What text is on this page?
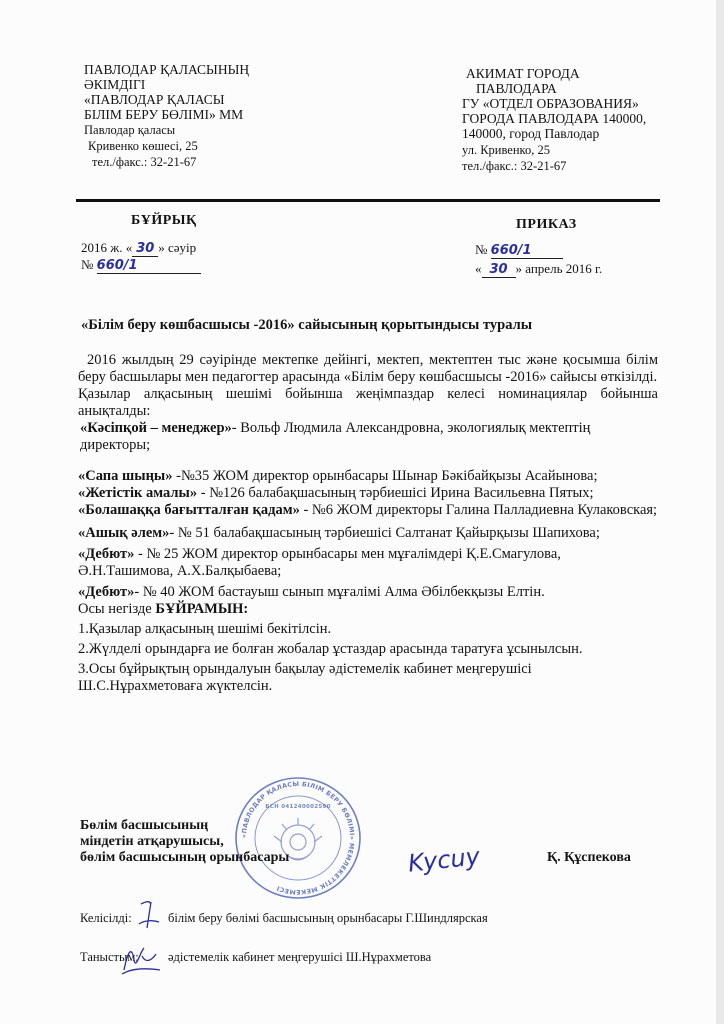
ПАВЛОДАР ҚАЛАСЫНЫҢ
ӘКІМДІГІ
«ПАВЛОДАР ҚАЛАСЫ
БІЛІМ БЕРУ БӨЛІМІ» ММ
Павлодар қаласы
Кривенко көшесі, 25
тел./факс.: 32-21-67
АКИМАТ ГОРОДА
ПАВЛОДАРА
ГУ «ОТДЕЛ ОБРАЗОВАНИЯ»
ГОРОДА ПАВЛОДАРА 140000,
140000, город Павлодар
ул. Кривенко, 25
тел./факс.: 32-21-67
БҰЙРЫҚ	ПРИКАЗ
2016 ж. « 30 » сәуір
№ 660/1
№ 660/1
« 30 » апрель 2016 г.
«Білім беру көшбасшысы -2016» сайысының қорытындысы туралы

2016 жылдың 29 сәуірінде мектепке дейінгі, мектеп, мектептен тыс және қосымша білім беру басшылары мен педагогтер арасында «Білім беру көшбасшысы -2016» сайысы өткізілді.

Қазылар алқасының шешімі бойынша жеңімпаздар келесі номинациялар бойынша анықталды:

«Кәсіпқой – менеджер»- Вольф Людмила Александровна, экологиялық мектептің директоры;

«Сапа шыңы» -№35 ЖОМ директор орынбасары Шынар Бәкібайқызы Асайынова;

«Жетістік амалы» - №126 балабақшасының тәрбиешісі Ирина Васильевна Пятых;

«Болашаққа бағытталған қадам» - №6 ЖОМ директоры Галина Палладиевна Кулаковская;

«Ашық әлем»- № 51 балабақшасының тәрбиешісі Салтанат Қайырқызы Шапихова;

«Дебют» - № 25 ЖОМ директор орынбасары мен мұғалімдері Қ.Е.Смагулова, Ә.Н.Ташимова, А.Х.Балқыбаева;

«Дебют»- № 40 ЖОМ бастауыш сынып мұғалімі Алма Әбілбекқызы Елтін.

Осы негізде БҰЙРАМЫН:

1.Қазылар алқасының шешімі бекітілсін.

2.Жүлделі орындарға ие болған жобалар ұстаздар арасында таратуға ұсынылсын.

3.Осы бұйрықтың орындалуын бақылау әдістемелік кабинет меңгерушісі Ш.С.Нұрахметоваға жүктелсін.

«ПАВЛОДАР ҚАЛАСЫ БІЛІМ БЕРУ БӨЛІМІ» МЕМЛЕКЕТТІК МЕКЕМЕСІ
БСН 041240002590
Бөлім басшысының
міндетін атқарушысы,
бөлім басшысының орынбасары	Kycuy	Қ. Құспекова
Келісілді:	білім беру бөлімі басшысының орынбасары Г.Шиндлярская
Таныстым: әдістемелік кабинет меңгерушісі Ш.Нұрахметова
